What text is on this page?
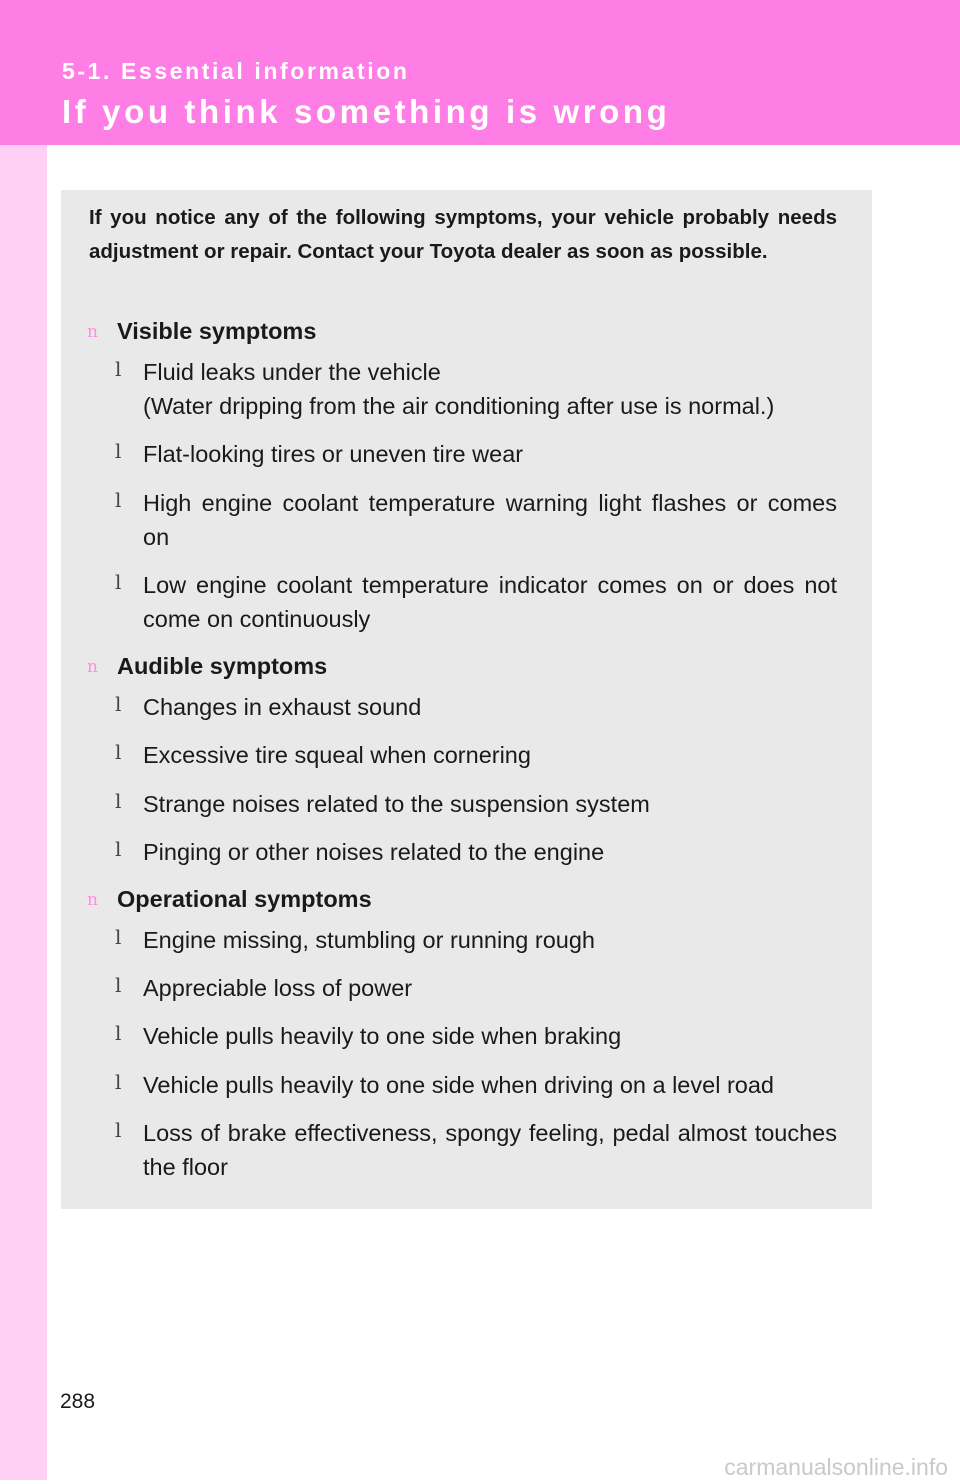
5-1. Essential information
If you think something is wrong

If you notice any of the following symptoms, your vehicle probably needs adjustment or repair. Contact your Toyota dealer as soon as possible.

n Visible symptoms
l Fluid leaks under the vehicle

(Water dripping from the air conditioning after use is normal.)

l Flat-looking tires or uneven tire wear

l High engine coolant temperature warning light flashes or comes on

l Low engine coolant temperature indicator comes on or does not come on continuously

n Audible symptoms
l Changes in exhaust sound

l Excessive tire squeal when cornering

l Strange noises related to the suspension system

l Pinging or other noises related to the engine

n Operational symptoms
l Engine missing, stumbling or running rough

l Appreciable loss of power

l Vehicle pulls heavily to one side when braking

l Vehicle pulls heavily to one side when driving on a level road

l Loss of brake effectiveness, spongy feeling, pedal almost touches the floor

288
carmanualsonline.info
